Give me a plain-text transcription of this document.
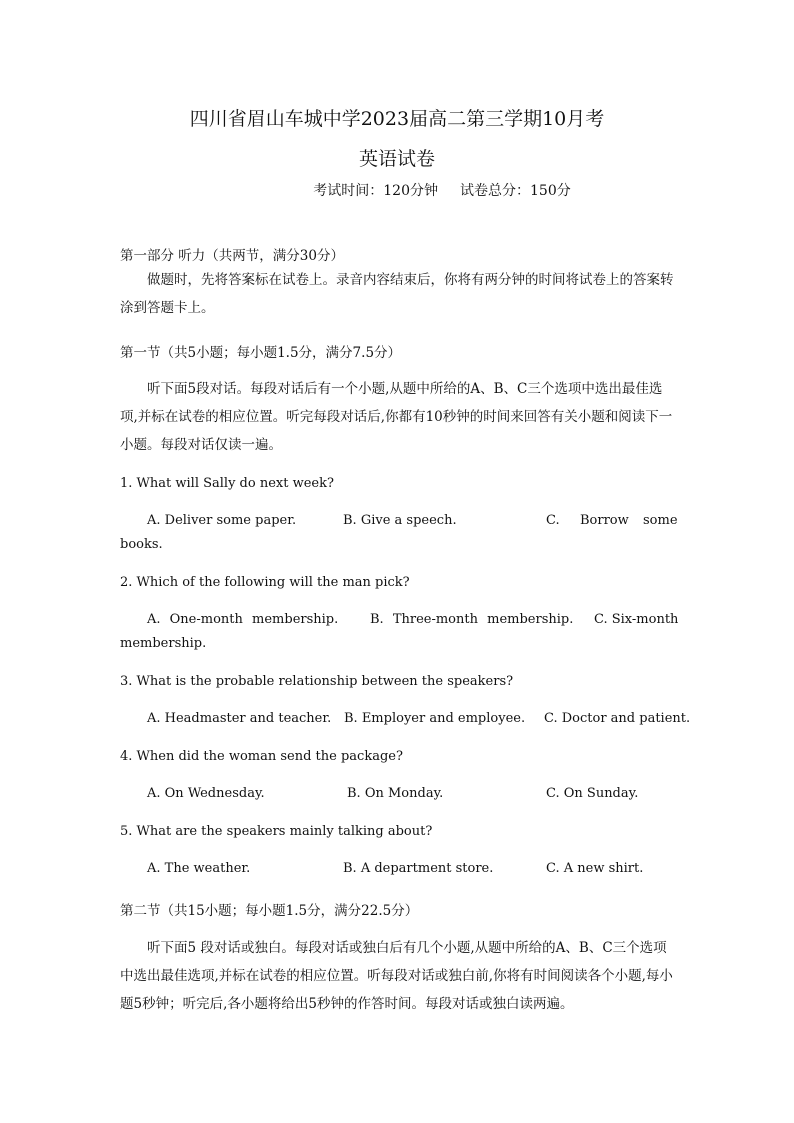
四川省眉山车城中学2023届高二第三学期10月考
英语试卷
考试时间：120分钟 试卷总分：150分
第一部分 听力（共两节，满分30分）
做题时，先将答案标在试卷上。录音内容结束后，你将有两分钟的时间将试卷上的答案转涂到答题卡上。
第一节（共5小题；每小题1.5分，满分7.5分）
听下面5段对话。每段对话后有一个小题,从题中所给的A、B、C三个选项中选出最佳选项,并标在试卷的相应位置。听完每段对话后,你都有10秒钟的时间来回答有关小题和阅读下一小题。每段对话仅读一遍。
1. What will Sally do next week?
A. Deliver some paper.	B. Give a speech.	C. Borrow some
books.
2. Which of the following will the man pick?
A. One-month membership. B. Three-month membership. C. Six-month
membership.
3. What is the probable relationship between the speakers?
A. Headmaster and teacher. B. Employer and employee. C. Doctor and patient.
4. When did the woman send the package?
A. On Wednesday.	B. On Monday.	C. On Sunday.
5. What are the speakers mainly talking about?
A. The weather.	B. A department store.	C. A new shirt.
第二节（共15小题；每小题1.5分，满分22.5分）
听下面5 段对话或独白。每段对话或独白后有几个小题,从题中所给的A、B、C三个选项中选出最佳选项,并标在试卷的相应位置。听每段对话或独白前,你将有时间阅读各个小题,每小题5秒钟；听完后,各小题将给出5秒钟的作答时间。每段对话或独白读两遍。
